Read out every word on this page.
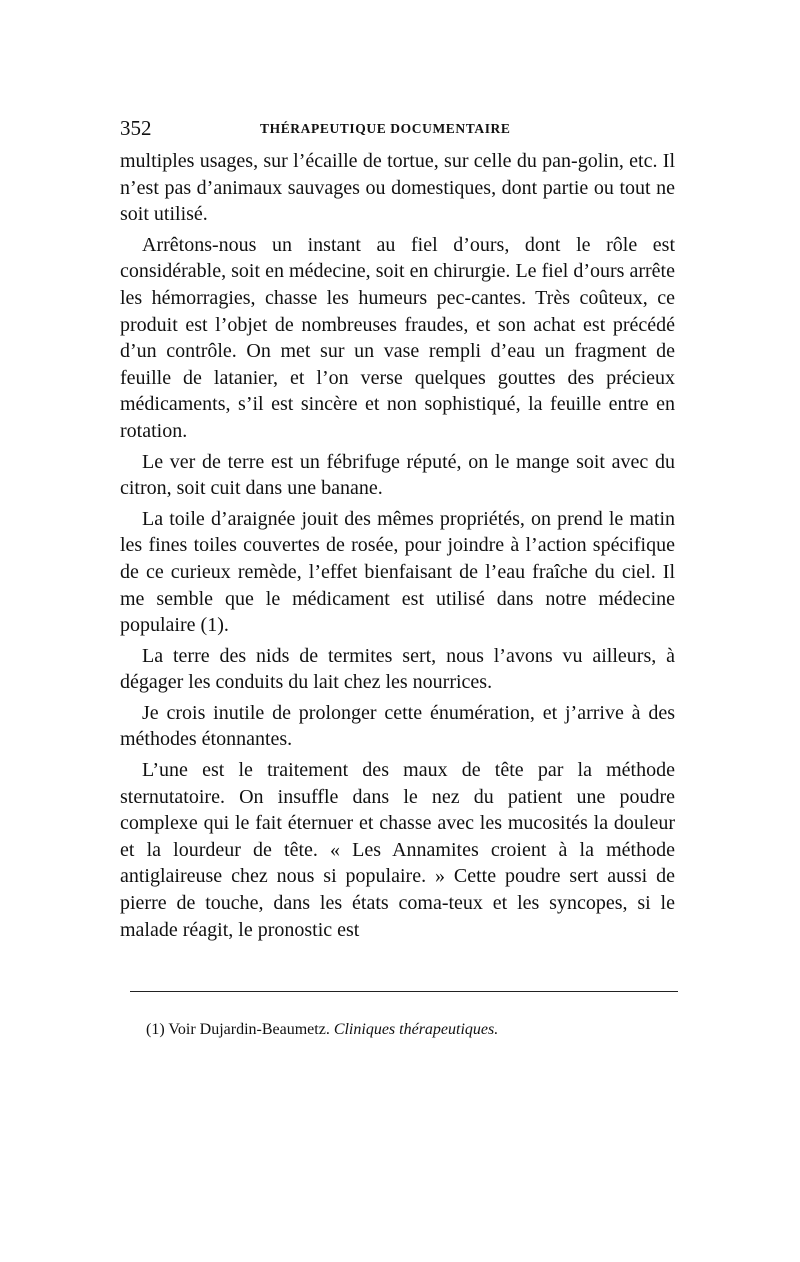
352	THÉRAPEUTIQUE DOCUMENTAIRE

multiples usages, sur l’écaille de tortue, sur celle du pan-golin, etc. Il n’est pas d’animaux sauvages ou domestiques, dont partie ou tout ne soit utilisé.

Arrêtons-nous un instant au fiel d’ours, dont le rôle est considérable, soit en médecine, soit en chirurgie. Le fiel d’ours arrête les hémorragies, chasse les humeurs pec-cantes. Très coûteux, ce produit est l’objet de nombreuses fraudes, et son achat est précédé d’un contrôle. On met sur un vase rempli d’eau un fragment de feuille de latanier, et l’on verse quelques gouttes des précieux médicaments, s’il est sincère et non sophistiqué, la feuille entre en rotation.

Le ver de terre est un fébrifuge réputé, on le mange soit avec du citron, soit cuit dans une banane.

La toile d’araignée jouit des mêmes propriétés, on prend le matin les fines toiles couvertes de rosée, pour joindre à l’action spécifique de ce curieux remède, l’effet bienfaisant de l’eau fraîche du ciel. Il me semble que le médicament est utilisé dans notre médecine populaire (1).

La terre des nids de termites sert, nous l’avons vu ailleurs, à dégager les conduits du lait chez les nourrices.

Je crois inutile de prolonger cette énumération, et j’arrive à des méthodes étonnantes.

L’une est le traitement des maux de tête par la méthode sternutatoire. On insuffle dans le nez du patient une poudre complexe qui le fait éternuer et chasse avec les mucosités la douleur et la lourdeur de tête. « Les Annamites croient à la méthode antiglaireuse chez nous si populaire. » Cette poudre sert aussi de pierre de touche, dans les états coma-teux et les syncopes, si le malade réagit, le pronostic est

(1) Voir Dujardin-Beaumetz. Cliniques thérapeutiques.
